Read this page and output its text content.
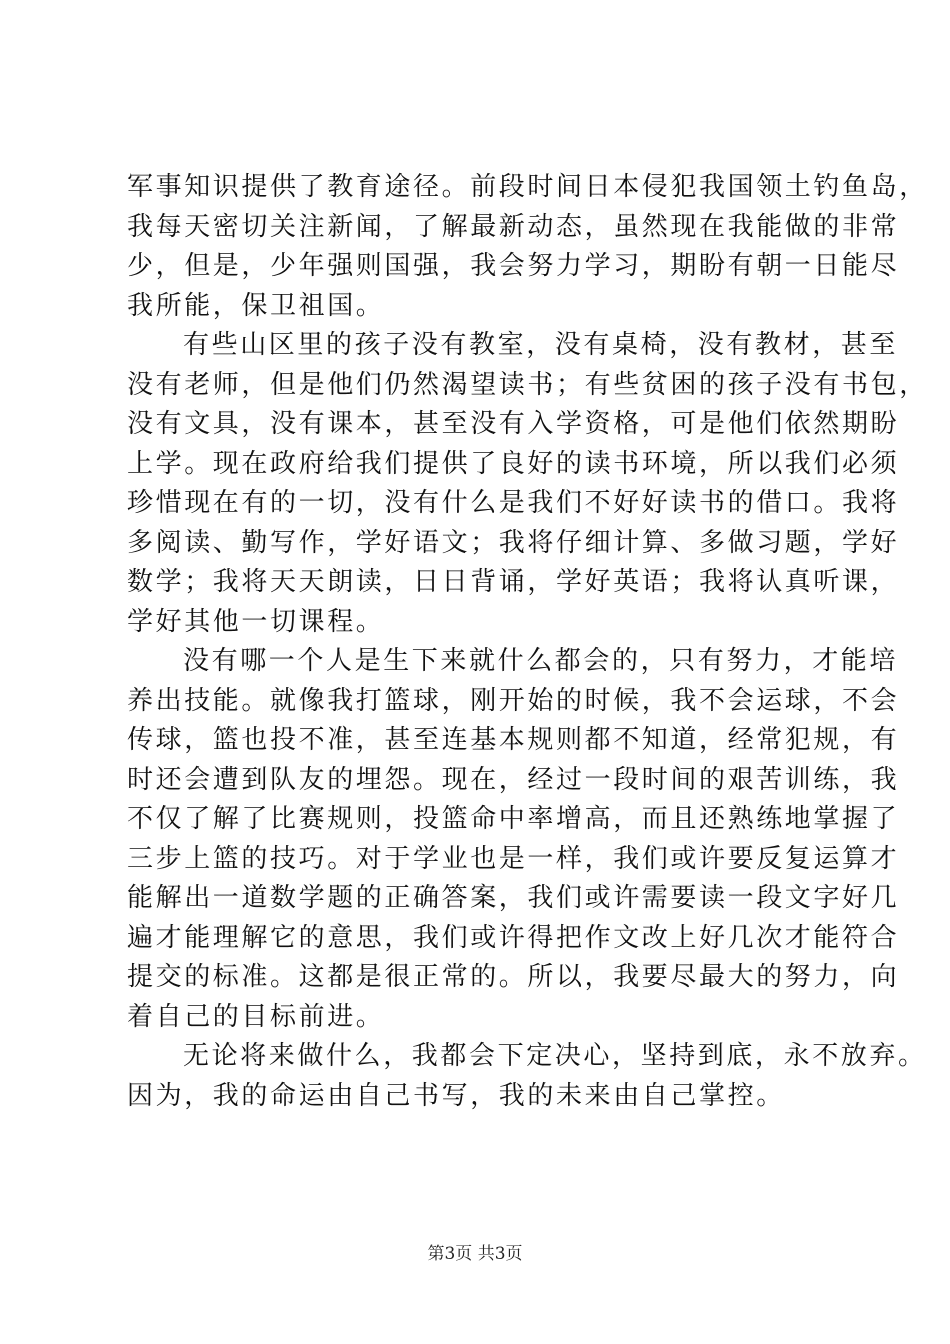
军事知识提供了教育途径。前段时间日本侵犯我国领土钓鱼岛，
我每天密切关注新闻，了解最新动态，虽然现在我能做的非常
少，但是，少年强则国强，我会努力学习，期盼有朝一日能尽
我所能，保卫祖国。
有些山区里的孩子没有教室，没有桌椅，没有教材，甚至
没有老师，但是他们仍然渴望读书；有些贫困的孩子没有书包，
没有文具，没有课本，甚至没有入学资格，可是他们依然期盼
上学。现在政府给我们提供了良好的读书环境，所以我们必须
珍惜现在有的一切，没有什么是我们不好好读书的借口。我将
多阅读、勤写作，学好语文；我将仔细计算、多做习题，学好
数学；我将天天朗读，日日背诵，学好英语；我将认真听课，
学好其他一切课程。
没有哪一个人是生下来就什么都会的，只有努力，才能培
养出技能。就像我打篮球，刚开始的时候，我不会运球，不会
传球，篮也投不准，甚至连基本规则都不知道，经常犯规，有
时还会遭到队友的埋怨。现在，经过一段时间的艰苦训练，我
不仅了解了比赛规则，投篮命中率增高，而且还熟练地掌握了
三步上篮的技巧。对于学业也是一样，我们或许要反复运算才
能解出一道数学题的正确答案，我们或许需要读一段文字好几
遍才能理解它的意思，我们或许得把作文改上好几次才能符合
提交的标准。这都是很正常的。所以，我要尽最大的努力，向
着自己的目标前进。
无论将来做什么，我都会下定决心，坚持到底，永不放弃。
因为，我的命运由自己书写，我的未来由自己掌控。
第3页 共3页
